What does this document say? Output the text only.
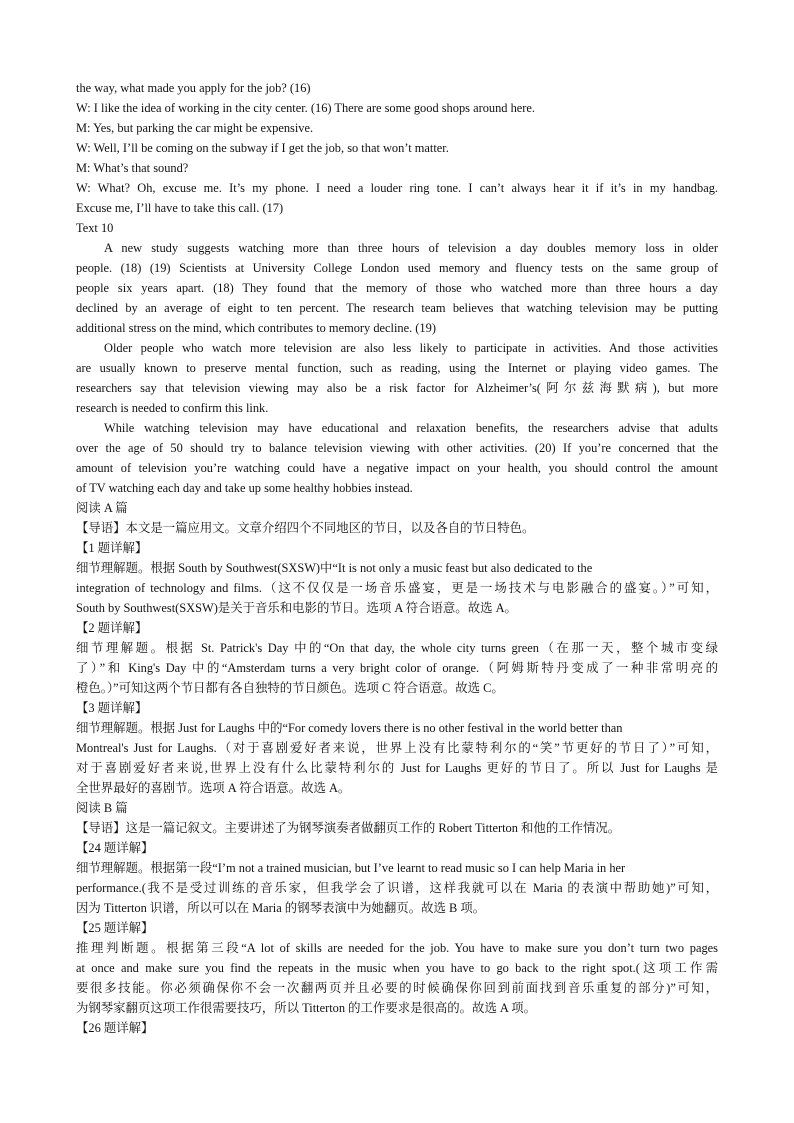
the way, what made you apply for the job? (16)
W: I like the idea of working in the city center. (16) There are some good shops around here.
M: Yes, but parking the car might be expensive.
W: Well, I’ll be coming on the subway if I get the job, so that won’t matter.
M: What’s that sound?
W: What? Oh, excuse me. It’s my phone. I need a louder ring tone. I can’t always hear it if it’s in my handbag.
Excuse me, I’ll have to take this call. (17)
Text 10
A new study suggests watching more than three hours of television a day doubles memory loss in older
people. (18) (19) Scientists at University College London used memory and fluency tests on the same group of
people six years apart. (18) They found that the memory of those who watched more than three hours a day
declined by an average of eight to ten percent. The research team believes that watching television may be putting
additional stress on the mind, which contributes to memory decline. (19)
Older people who watch more television are also less likely to participate in activities. And those activities
are usually known to preserve mental function, such as reading, using the Internet or playing video games. The
researchers say that television viewing may also be a risk factor for Alzheimer’s(阿尔兹海默病), but more
research is needed to confirm this link.
While watching television may have educational and relaxation benefits, the researchers advise that adults
over the age of 50 should try to balance television viewing with other activities. (20) If you’re concerned that the
amount of television you’re watching could have a negative impact on your health, you should control the amount
of TV watching each day and take up some healthy hobbies instead.
阅读 A 篇
【导语】本文是一篇应用文。文章介绍四个不同地区的节日，以及各自的节日特色。
【1 题详解】
细节理解题。根据 South by Southwest(SXSW)中“It is not only a music feast but also dedicated to the
integration of technology and films.（这不仅仅是一场音乐盛宴，更是一场技术与电影融合的盛宴。）”可知，
South by Southwest(SXSW)是关于音乐和电影的节日。选项 A 符合语意。故选 A。
【2 题详解】
细节理解题。根据 St. Patrick's Day 中的“On that day, the whole city turns green（在那一天，整个城市变绿
了）”和 King's Day 中的“Amsterdam turns a very bright color of orange.（阿姆斯特丹变成了一种非常明亮的
橙色。）”可知这两个节日都有各自独特的节日颜色。选项 C 符合语意。故选 C。
【3 题详解】
细节理解题。根据 Just for Laughs 中的“For comedy lovers there is no other festival in the world better than
Montreal's Just for Laughs.（对于喜剧爱好者来说，世界上没有比蒙特利尔的“笑”节更好的节日了）”可知，
对于喜剧爱好者来说,世界上没有什么比蒙特利尔的 Just for Laughs 更好的节日了。所以 Just for Laughs 是
全世界最好的喜剧节。选项 A 符合语意。故选 A。
阅读 B 篇
【导语】这是一篇记叙文。主要讲述了为钢琴演奏者做翻页工作的 Robert Titterton 和他的工作情况。
【24 题详解】
细节理解题。根据第一段“I’m not a trained musician, but I’ve learnt to read music so I can help Maria in her
performance.(我不是受过训练的音乐家，但我学会了识谱，这样我就可以在 Maria 的表演中帮助她)”可知，
因为 Titterton 识谱，所以可以在 Maria 的钢琴表演中为她翻页。故选 B 项。
【25 题详解】
推理判断题。根据第三段“A lot of skills are needed for the job. You have to make sure you don’t turn two pages
at once and make sure you find the repeats in the music when you have to go back to the right spot.(这项工作需
要很多技能。你必须确保你不会一次翻两页并且必要的时候确保你回到前面找到音乐重复的部分)”可知，
为钢琴家翻页这项工作很需要技巧，所以 Titterton 的工作要求是很高的。故选 A 项。
【26 题详解】
